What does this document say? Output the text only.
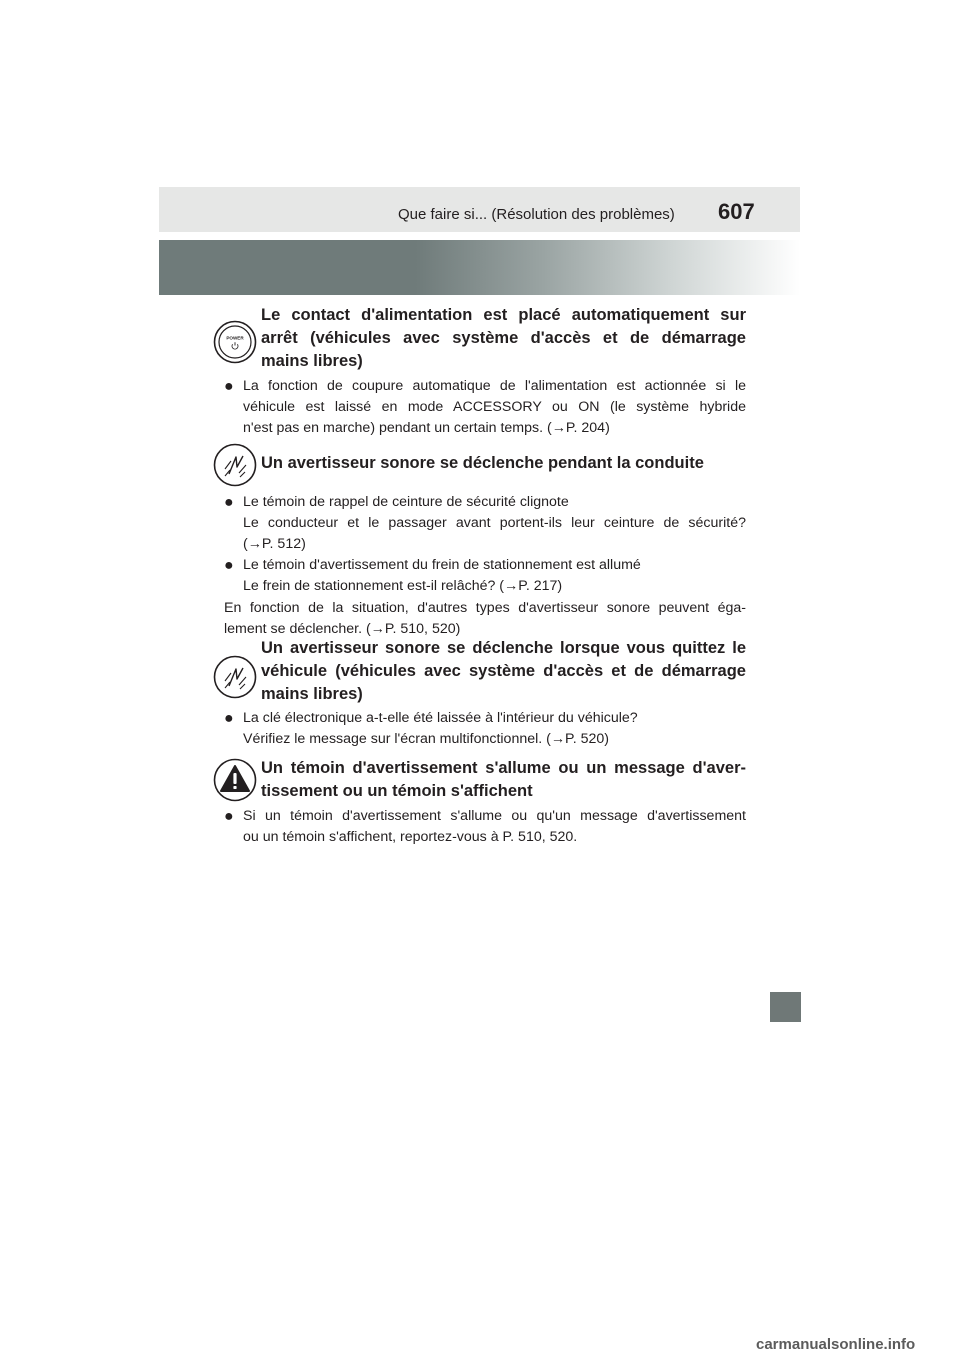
Que faire si... (Résolution des problèmes) 607
POWER
Le contact d'alimentation est placé automatiquement sur
arrêt (véhicules avec système d'accès et de démarrage
mains libres)
● La fonction de coupure automatique de l'alimentation est actionnée si le
véhicule est laissé en mode ACCESSORY ou ON (le système hybride
n'est pas en marche) pendant un certain temps. (→P. 204)
Un avertisseur sonore se déclenche pendant la conduite
● Le témoin de rappel de ceinture de sécurité clignote
Le conducteur et le passager avant portent-ils leur ceinture de sécurité?
(→P. 512)
● Le témoin d'avertissement du frein de stationnement est allumé
Le frein de stationnement est-il relâché? (→P. 217)
En fonction de la situation, d'autres types d'avertisseur sonore peuvent éga-
lement se déclencher. (→P. 510, 520)
Un avertisseur sonore se déclenche lorsque vous quittez le
véhicule (véhicules avec système d'accès et de démarrage
mains libres)
● La clé électronique a-t-elle été laissée à l'intérieur du véhicule?
Vérifiez le message sur l'écran multifonctionnel. (→P. 520)
Un témoin d'avertissement s'allume ou un message d'aver-
tissement ou un témoin s'affichent
● Si un témoin d'avertissement s'allume ou qu'un message d'avertissement
ou un témoin s'affichent, reportez-vous à P. 510, 520.
carmanualsonline.info
